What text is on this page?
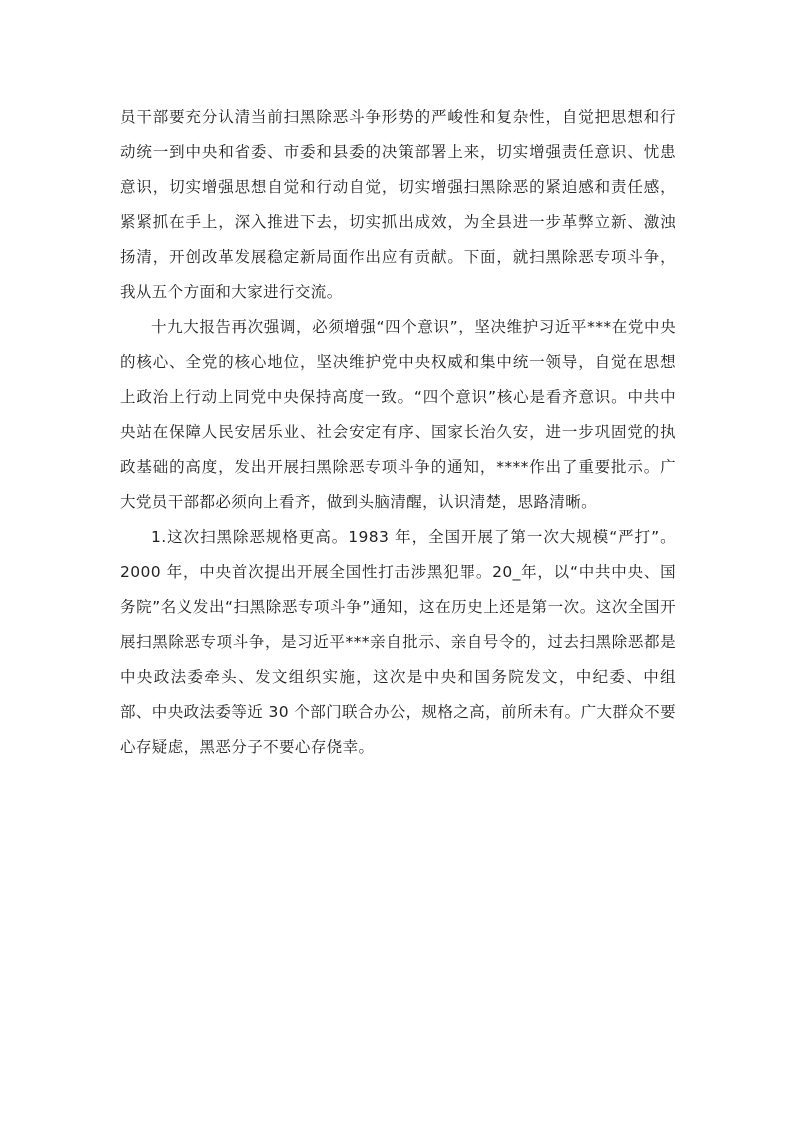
员干部要充分认清当前扫黑除恶斗争形势的严峻性和复杂性，自觉把思想和行动统一到中央和省委、市委和县委的决策部署上来，切实增强责任意识、忧患意识，切实增强思想自觉和行动自觉，切实增强扫黑除恶的紧迫感和责任感，紧紧抓在手上，深入推进下去，切实抓出成效，为全县进一步革弊立新、激浊扬清，开创改革发展稳定新局面作出应有贡献。下面，就扫黑除恶专项斗争，我从五个方面和大家进行交流。

十九大报告再次强调，必须增强“四个意识”，坚决维护习近平***在党中央的核心、全党的核心地位，坚决维护党中央权威和集中统一领导，自觉在思想上政治上行动上同党中央保持高度一致。“四个意识”核心是看齐意识。中共中央站在保障人民安居乐业、社会安定有序、国家长治久安，进一步巩固党的执政基础的高度，发出开展扫黑除恶专项斗争的通知，****作出了重要批示。广大党员干部都必须向上看齐，做到头脑清醒，认识清楚，思路清晰。

1.这次扫黑除恶规格更高。1983 年，全国开展了第一次大规模“严打”。2000 年，中央首次提出开展全国性打击涉黑犯罪。20_年，以“中共中央、国务院”名义发出“扫黑除恶专项斗争”通知，这在历史上还是第一次。这次全国开展扫黑除恶专项斗争，是习近平***亲自批示、亲自号令的，过去扫黑除恶都是中央政法委牵头、发文组织实施，这次是中央和国务院发文，中纪委、中组部、中央政法委等近 30 个部门联合办公，规格之高，前所未有。广大群众不要心存疑虑，黑恶分子不要心存侥幸。
